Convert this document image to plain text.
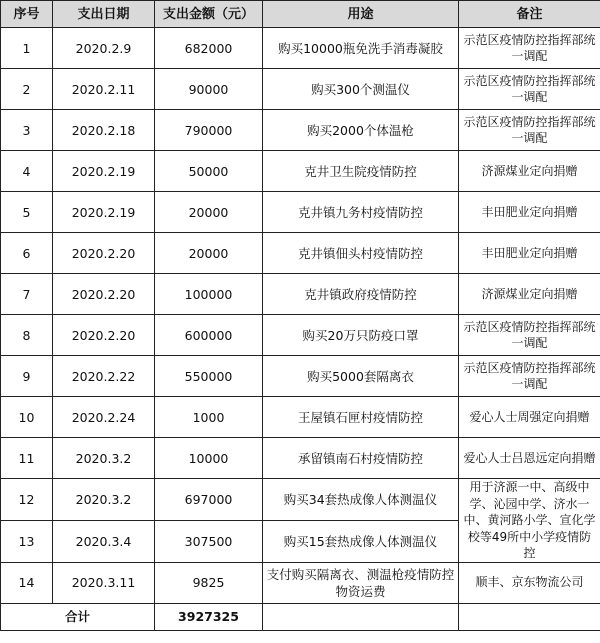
序号	支出日期	支出金额（元）	用途	备注
1	2020.2.9	682000	购买10000瓶免洗手消毒凝胶	示范区疫情防控指挥部统一调配
2	2020.2.11	90000	购买300个测温仪	示范区疫情防控指挥部统一调配
3	2020.2.18	790000	购买2000个体温枪	示范区疫情防控指挥部统一调配
4	2020.2.19	50000	克井卫生院疫情防控	济源煤业定向捐赠
5	2020.2.19	20000	克井镇九务村疫情防控	丰田肥业定向捐赠
6	2020.2.20	20000	克井镇佃头村疫情防控	丰田肥业定向捐赠
7	2020.2.20	100000	克井镇政府疫情防控	济源煤业定向捐赠
8	2020.2.20	600000	购买20万只防疫口罩	示范区疫情防控指挥部统一调配
9	2020.2.22	550000	购买5000套隔离衣	示范区疫情防控指挥部统一调配
10	2020.2.24	1000	王屋镇石匣村疫情防控	爱心人士周强定向捐赠
11	2020.3.2	10000	承留镇南石村疫情防控	爱心人士吕恩远定向捐赠
12	2020.3.2	697000	购买34套热成像人体测温仪	用于济源一中、高级中学、沁园中学、济水一中、黄河路小学、宣化学校等49所中小学疫情防控
13	2020.3.4	307500	购买15套热成像人体测温仪	
14	2020.3.11	9825	支付购买隔离衣、测温枪疫情防控物资运费	顺丰、京东物流公司
合计		3927325		
